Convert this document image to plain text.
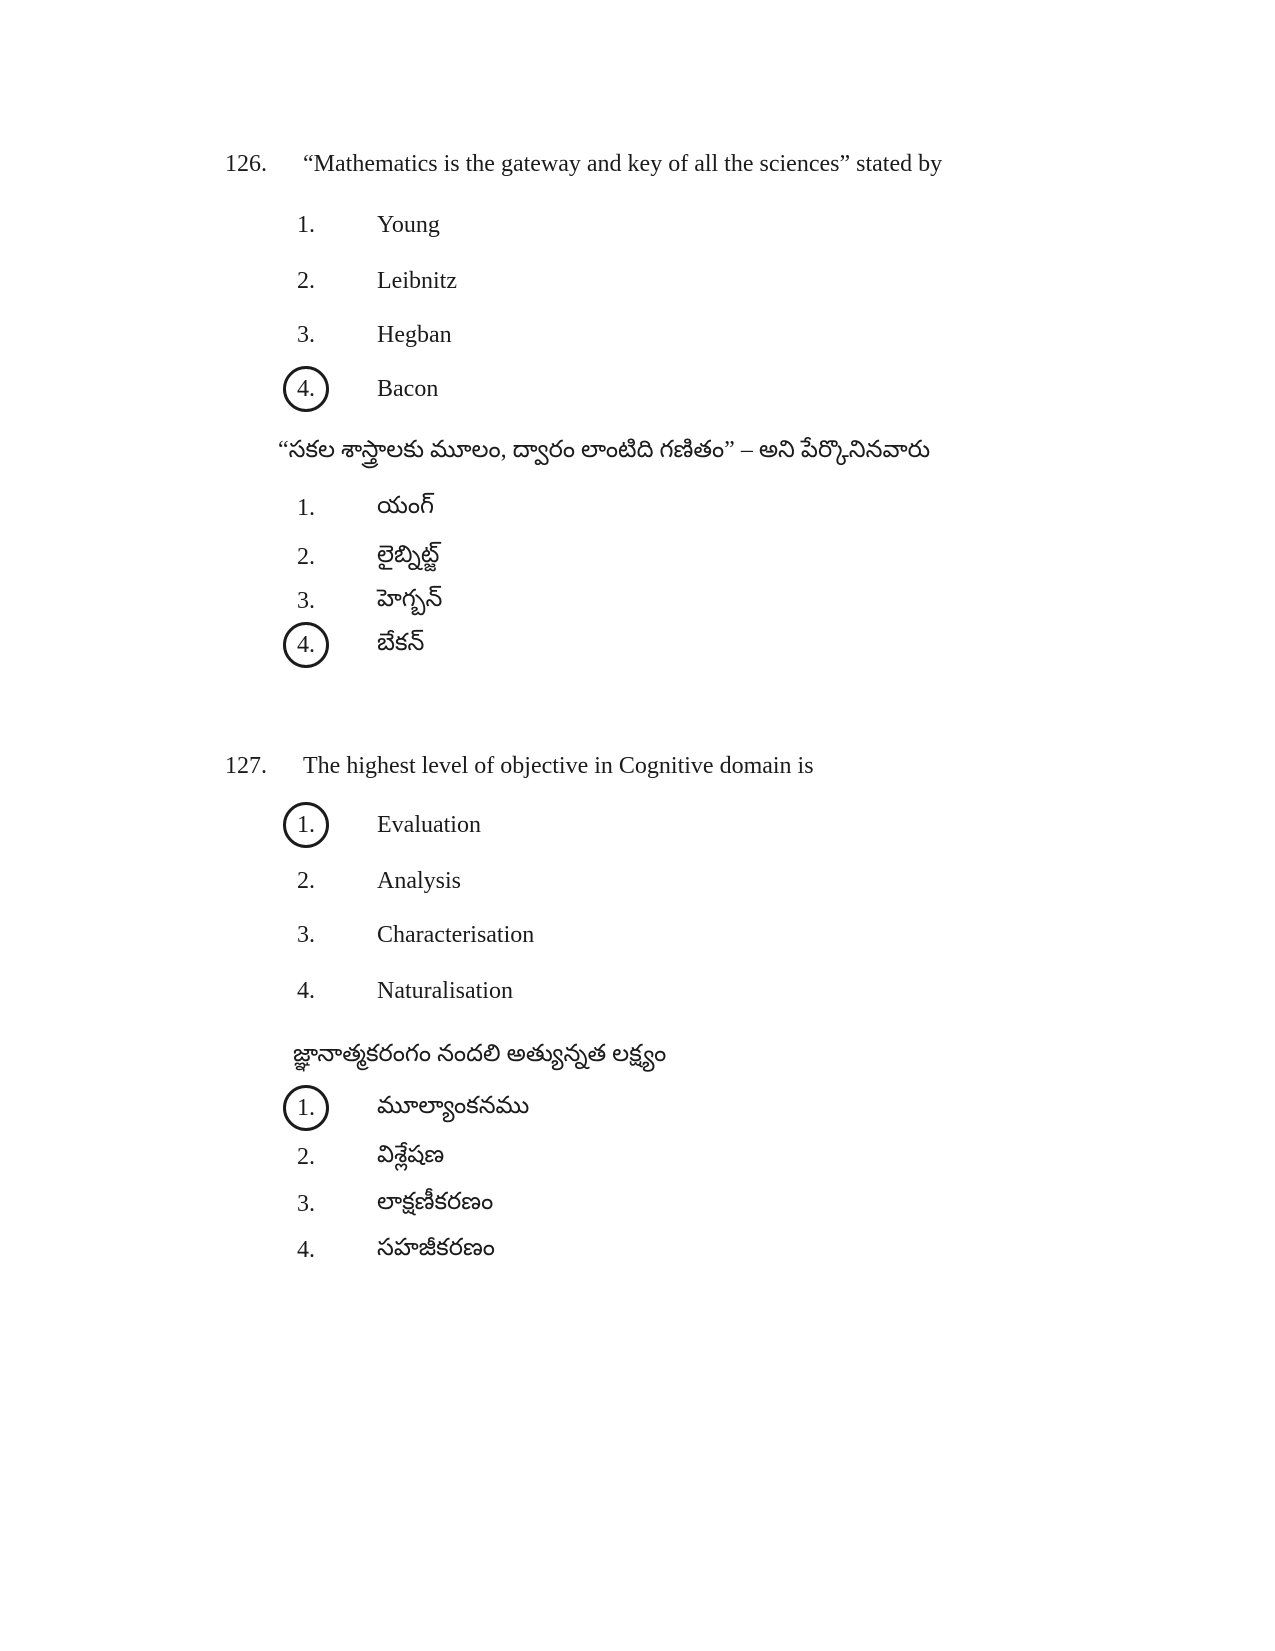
126.	“Mathematics is the gateway and key of all the sciences” stated by
1.	Young
2.	Leibnitz
3.	Hegban
4.	Bacon
“సకల శాస్త్రాలకు మూలం, ద్వారం లాంటిది గణితం” – అని పేర్కొనినవారు
1.	యంగ్
2.	లైబ్నిట్జ్
3.	హెగ్బన్
4.	బేకన్
127.	The highest level of objective in Cognitive domain is
1.	Evaluation
2.	Analysis
3.	Characterisation
4.	Naturalisation
జ్ఞానాత్మకరంగం నందలి అత్యున్నత లక్ష్యం
1.	మూల్యాంకనము
2.	విశ్లేషణ
3.	లాక్షణీకరణం
4.	సహజీకరణం
